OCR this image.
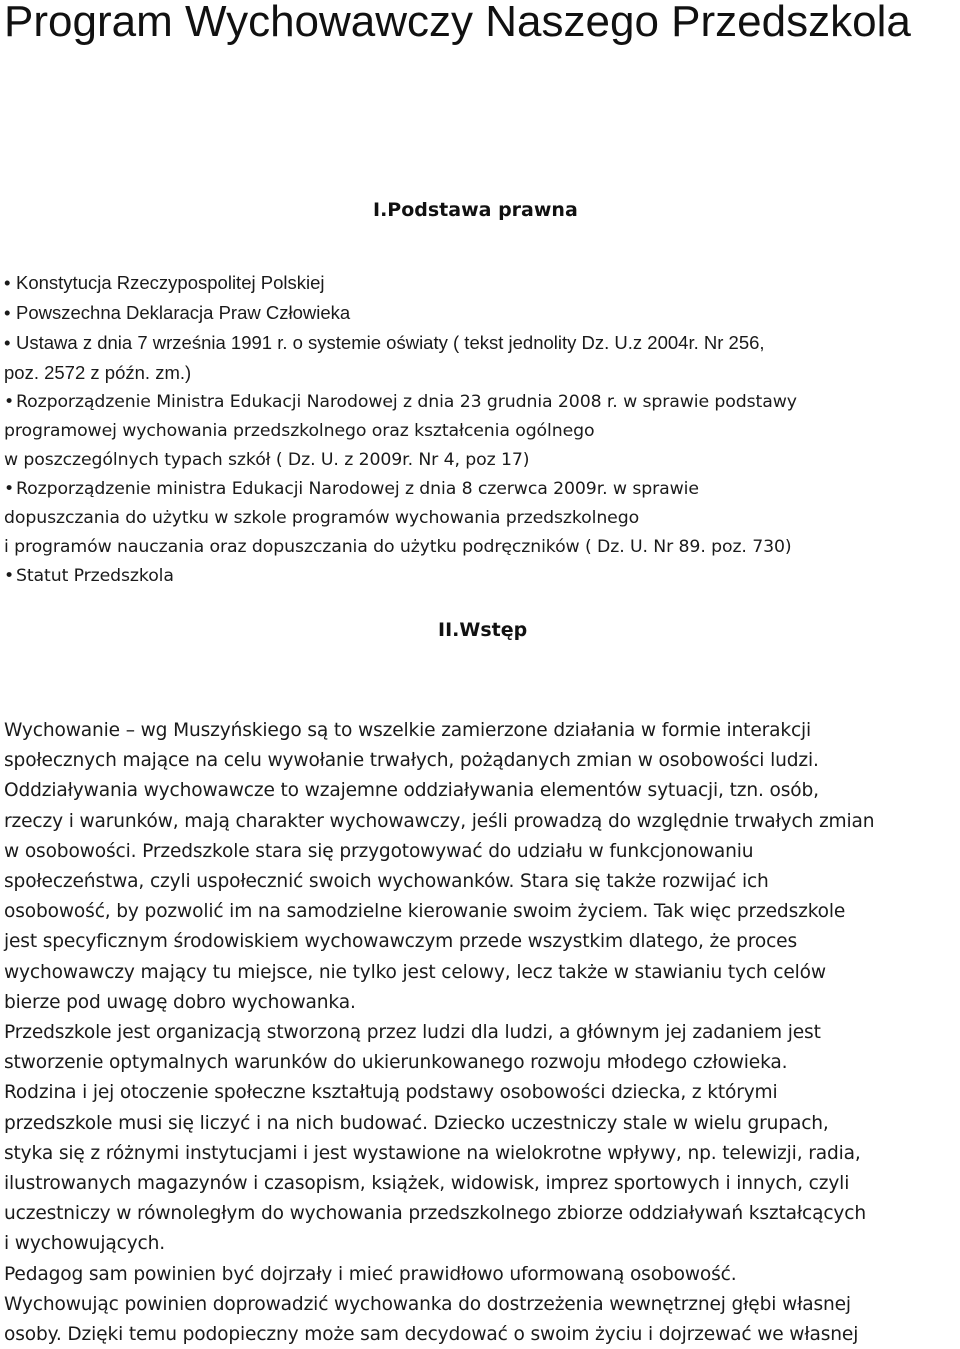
Program Wychowawczy Naszego Przedszkola
I.Podstawa prawna
• Konstytucja Rzeczypospolitej Polskiej
• Powszechna Deklaracja Praw Człowieka
• Ustawa z dnia 7 września 1991 r. o systemie oświaty ( tekst jednolity Dz. U.z 2004r. Nr 256,
poz. 2572 z późn. zm.)
• Rozporządzenie Ministra Edukacji Narodowej z dnia 23 grudnia 2008 r. w sprawie podstawy
programowej wychowania przedszkolnego oraz kształcenia ogólnego
w poszczególnych typach szkół ( Dz. U. z 2009r. Nr 4, poz 17)
• Rozporządzenie ministra Edukacji Narodowej z dnia 8 czerwca 2009r. w sprawie
dopuszczania do użytku w szkole programów wychowania przedszkolnego
i programów nauczania oraz dopuszczania do użytku podręczników ( Dz. U. Nr 89. poz. 730)
• Statut Przedszkola
II.Wstęp

Wychowanie – wg Muszyńskiego są to wszelkie zamierzone działania w formie interakcji
społecznych mające na celu wywołanie trwałych, pożądanych zmian w osobowości ludzi.
Oddziaływania wychowawcze to wzajemne oddziaływania elementów sytuacji, tzn. osób,
rzeczy i warunków, mają charakter wychowawczy, jeśli prowadzą do względnie trwałych zmian
w osobowości. Przedszkole stara się przygotowywać do udziału w funkcjonowaniu
społeczeństwa, czyli uspołecznić swoich wychowanków. Stara się także rozwijać ich
osobowość, by pozwolić im na samodzielne kierowanie swoim życiem. Tak więc przedszkole
jest specyficznym środowiskiem wychowawczym przede wszystkim dlatego, że proces
wychowawczy mający tu miejsce, nie tylko jest celowy, lecz także w stawianiu tych celów
bierze pod uwagę dobro wychowanka.
Przedszkole jest organizacją stworzoną przez ludzi dla ludzi, a głównym jej zadaniem jest
stworzenie optymalnych warunków do ukierunkowanego rozwoju młodego człowieka.
Rodzina i jej otoczenie społeczne kształtują podstawy osobowości dziecka, z którymi
przedszkole musi się liczyć i na nich budować. Dziecko uczestniczy stale w wielu grupach,
styka się z różnymi instytucjami i jest wystawione na wielokrotne wpływy, np. telewizji, radia,
ilustrowanych magazynów i czasopism, książek, widowisk, imprez sportowych i innych, czyli
uczestniczy w równoległym do wychowania przedszkolnego zbiorze oddziaływań kształcących
i wychowujących.
Pedagog sam powinien być dojrzały i mieć prawidłowo uformowaną osobowość.
Wychowując powinien doprowadzić wychowanka do dostrzeżenia wewnętrznej głębi własnej
osoby. Dzięki temu podopieczny może sam decydować o swoim życiu i dojrzewać we własnej
